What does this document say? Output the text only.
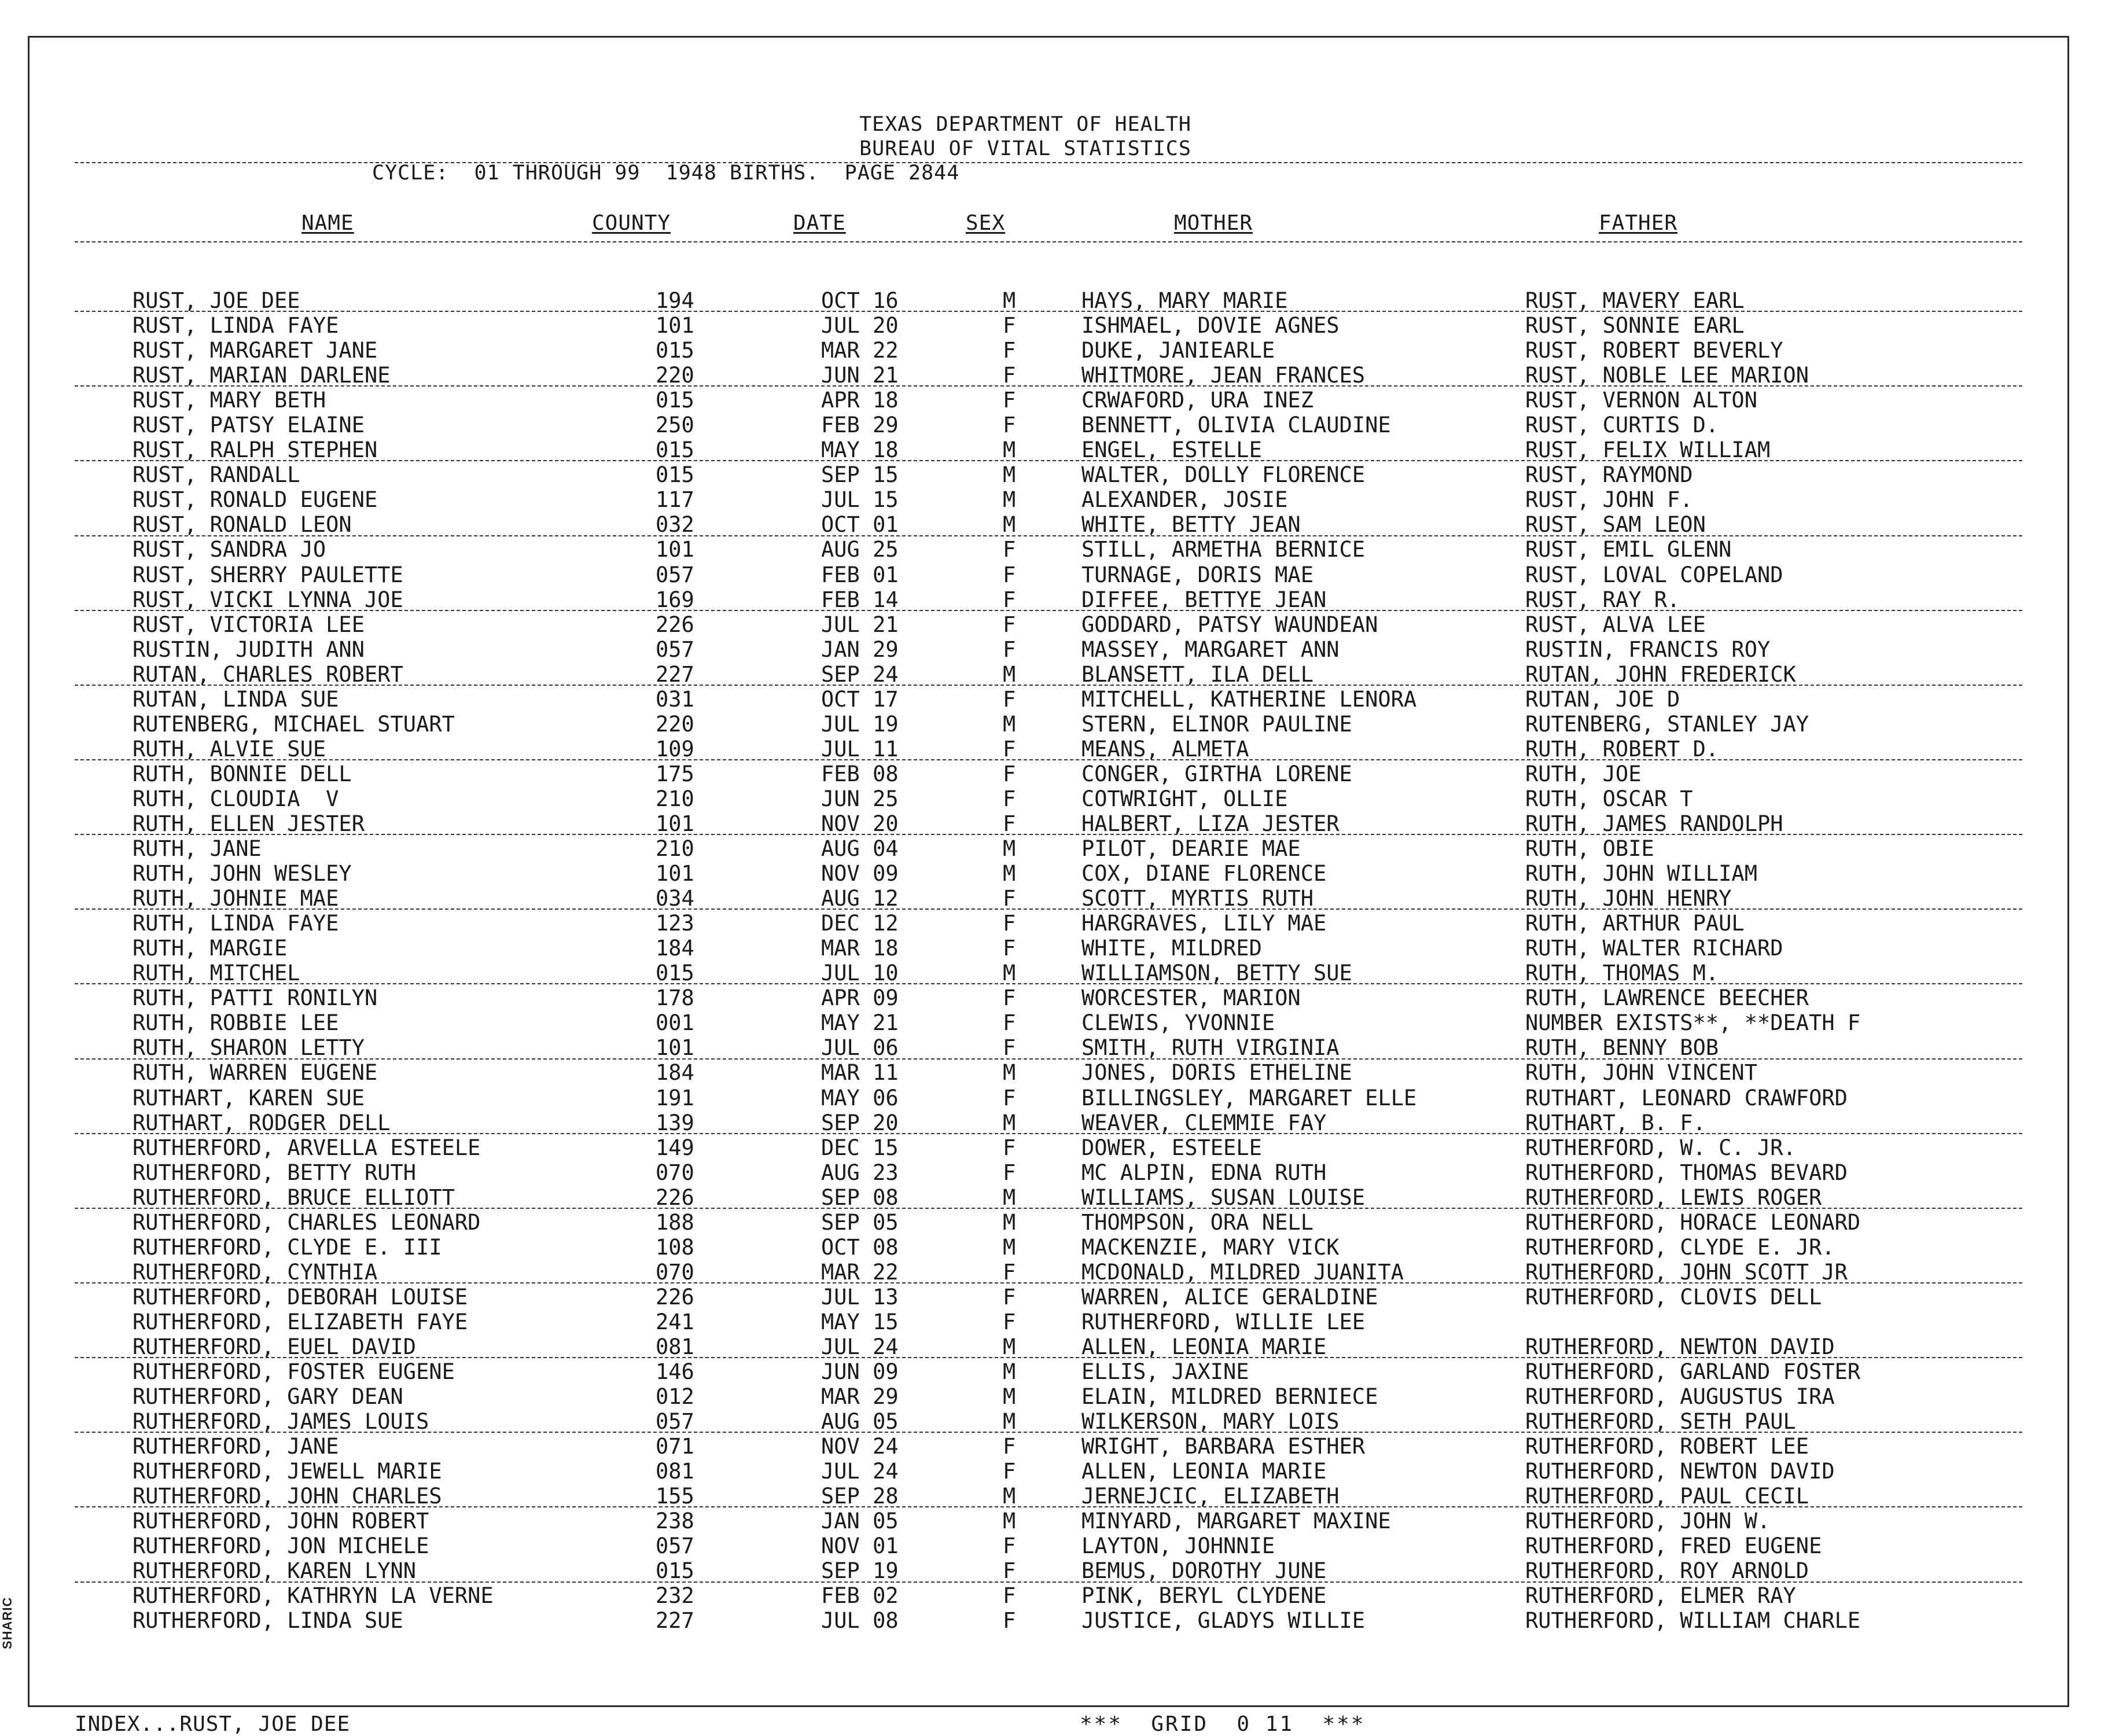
SHARIC
TEXAS DEPARTMENT OF HEALTH
BUREAU OF VITAL STATISTICS
CYCLE:  01 THROUGH 99  1948 BIRTHS.  PAGE 2844
NAME	COUNTY	DATE	SEX	MOTHER	FATHER
RUST, JOE DEE	194	OCT 16	M	HAYS, MARY MARIE	RUST, MAVERY EARL
RUST, LINDA FAYE	101	JUL 20	F	ISHMAEL, DOVIE AGNES	RUST, SONNIE EARL
RUST, MARGARET JANE	015	MAR 22	F	DUKE, JANIEARLE	RUST, ROBERT BEVERLY
RUST, MARIAN DARLENE	220	JUN 21	F	WHITMORE, JEAN FRANCES	RUST, NOBLE LEE MARION
RUST, MARY BETH	015	APR 18	F	CRWAFORD, URA INEZ	RUST, VERNON ALTON
RUST, PATSY ELAINE	250	FEB 29	F	BENNETT, OLIVIA CLAUDINE	RUST, CURTIS D.
RUST, RALPH STEPHEN	015	MAY 18	M	ENGEL, ESTELLE	RUST, FELIX WILLIAM
RUST, RANDALL	015	SEP 15	M	WALTER, DOLLY FLORENCE	RUST, RAYMOND
RUST, RONALD EUGENE	117	JUL 15	M	ALEXANDER, JOSIE	RUST, JOHN F.
RUST, RONALD LEON	032	OCT 01	M	WHITE, BETTY JEAN	RUST, SAM LEON
RUST, SANDRA JO	101	AUG 25	F	STILL, ARMETHA BERNICE	RUST, EMIL GLENN
RUST, SHERRY PAULETTE	057	FEB 01	F	TURNAGE, DORIS MAE	RUST, LOVAL COPELAND
RUST, VICKI LYNNA JOE	169	FEB 14	F	DIFFEE, BETTYE JEAN	RUST, RAY R.
RUST, VICTORIA LEE	226	JUL 21	F	GODDARD, PATSY WAUNDEAN	RUST, ALVA LEE
RUSTIN, JUDITH ANN	057	JAN 29	F	MASSEY, MARGARET ANN	RUSTIN, FRANCIS ROY
RUTAN, CHARLES ROBERT	227	SEP 24	M	BLANSETT, ILA DELL	RUTAN, JOHN FREDERICK
RUTAN, LINDA SUE	031	OCT 17	F	MITCHELL, KATHERINE LENORA	RUTAN, JOE D
RUTENBERG, MICHAEL STUART	220	JUL 19	M	STERN, ELINOR PAULINE	RUTENBERG, STANLEY JAY
RUTH, ALVIE SUE	109	JUL 11	F	MEANS, ALMETA	RUTH, ROBERT D.
RUTH, BONNIE DELL	175	FEB 08	F	CONGER, GIRTHA LORENE	RUTH, JOE
RUTH, CLOUDIA  V	210	JUN 25	F	COTWRIGHT, OLLIE	RUTH, OSCAR T
RUTH, ELLEN JESTER	101	NOV 20	F	HALBERT, LIZA JESTER	RUTH, JAMES RANDOLPH
RUTH, JANE	210	AUG 04	M	PILOT, DEARIE MAE	RUTH, OBIE
RUTH, JOHN WESLEY	101	NOV 09	M	COX, DIANE FLORENCE	RUTH, JOHN WILLIAM
RUTH, JOHNIE MAE	034	AUG 12	F	SCOTT, MYRTIS RUTH	RUTH, JOHN HENRY
RUTH, LINDA FAYE	123	DEC 12	F	HARGRAVES, LILY MAE	RUTH, ARTHUR PAUL
RUTH, MARGIE	184	MAR 18	F	WHITE, MILDRED	RUTH, WALTER RICHARD
RUTH, MITCHEL	015	JUL 10	M	WILLIAMSON, BETTY SUE	RUTH, THOMAS M.
RUTH, PATTI RONILYN	178	APR 09	F	WORCESTER, MARION	RUTH, LAWRENCE BEECHER
RUTH, ROBBIE LEE	001	MAY 21	F	CLEWIS, YVONNIE	NUMBER EXISTS**, **DEATH F
RUTH, SHARON LETTY	101	JUL 06	F	SMITH, RUTH VIRGINIA	RUTH, BENNY BOB
RUTH, WARREN EUGENE	184	MAR 11	M	JONES, DORIS ETHELINE	RUTH, JOHN VINCENT
RUTHART, KAREN SUE	191	MAY 06	F	BILLINGSLEY, MARGARET ELLE	RUTHART, LEONARD CRAWFORD
RUTHART, RODGER DELL	139	SEP 20	M	WEAVER, CLEMMIE FAY	RUTHART, B. F.
RUTHERFORD, ARVELLA ESTEELE	149	DEC 15	F	DOWER, ESTEELE	RUTHERFORD, W. C. JR.
RUTHERFORD, BETTY RUTH	070	AUG 23	F	MC ALPIN, EDNA RUTH	RUTHERFORD, THOMAS BEVARD
RUTHERFORD, BRUCE ELLIOTT	226	SEP 08	M	WILLIAMS, SUSAN LOUISE	RUTHERFORD, LEWIS ROGER
RUTHERFORD, CHARLES LEONARD	188	SEP 05	M	THOMPSON, ORA NELL	RUTHERFORD, HORACE LEONARD
RUTHERFORD, CLYDE E. III	108	OCT 08	M	MACKENZIE, MARY VICK	RUTHERFORD, CLYDE E. JR.
RUTHERFORD, CYNTHIA	070	MAR 22	F	MCDONALD, MILDRED JUANITA	RUTHERFORD, JOHN SCOTT JR
RUTHERFORD, DEBORAH LOUISE	226	JUL 13	F	WARREN, ALICE GERALDINE	RUTHERFORD, CLOVIS DELL
RUTHERFORD, ELIZABETH FAYE	241	MAY 15	F	RUTHERFORD, WILLIE LEE
RUTHERFORD, EUEL DAVID	081	JUL 24	M	ALLEN, LEONIA MARIE	RUTHERFORD, NEWTON DAVID
RUTHERFORD, FOSTER EUGENE	146	JUN 09	M	ELLIS, JAXINE	RUTHERFORD, GARLAND FOSTER
RUTHERFORD, GARY DEAN	012	MAR 29	M	ELAIN, MILDRED BERNIECE	RUTHERFORD, AUGUSTUS IRA
RUTHERFORD, JAMES LOUIS	057	AUG 05	M	WILKERSON, MARY LOIS	RUTHERFORD, SETH PAUL
RUTHERFORD, JANE	071	NOV 24	F	WRIGHT, BARBARA ESTHER	RUTHERFORD, ROBERT LEE
RUTHERFORD, JEWELL MARIE	081	JUL 24	F	ALLEN, LEONIA MARIE	RUTHERFORD, NEWTON DAVID
RUTHERFORD, JOHN CHARLES	155	SEP 28	M	JERNEJCIC, ELIZABETH	RUTHERFORD, PAUL CECIL
RUTHERFORD, JOHN ROBERT	238	JAN 05	M	MINYARD, MARGARET MAXINE	RUTHERFORD, JOHN W.
RUTHERFORD, JON MICHELE	057	NOV 01	F	LAYTON, JOHNNIE	RUTHERFORD, FRED EUGENE
RUTHERFORD, KAREN LYNN	015	SEP 19	F	BEMUS, DOROTHY JUNE	RUTHERFORD, ROY ARNOLD
RUTHERFORD, KATHRYN LA VERNE	232	FEB 02	F	PINK, BERYL CLYDENE	RUTHERFORD, ELMER RAY
RUTHERFORD, LINDA SUE	227	JUL 08	F	JUSTICE, GLADYS WILLIE	RUTHERFORD, WILLIAM CHARLE
INDEX...RUST, JOE DEE	***  GRID  0 11  ***
